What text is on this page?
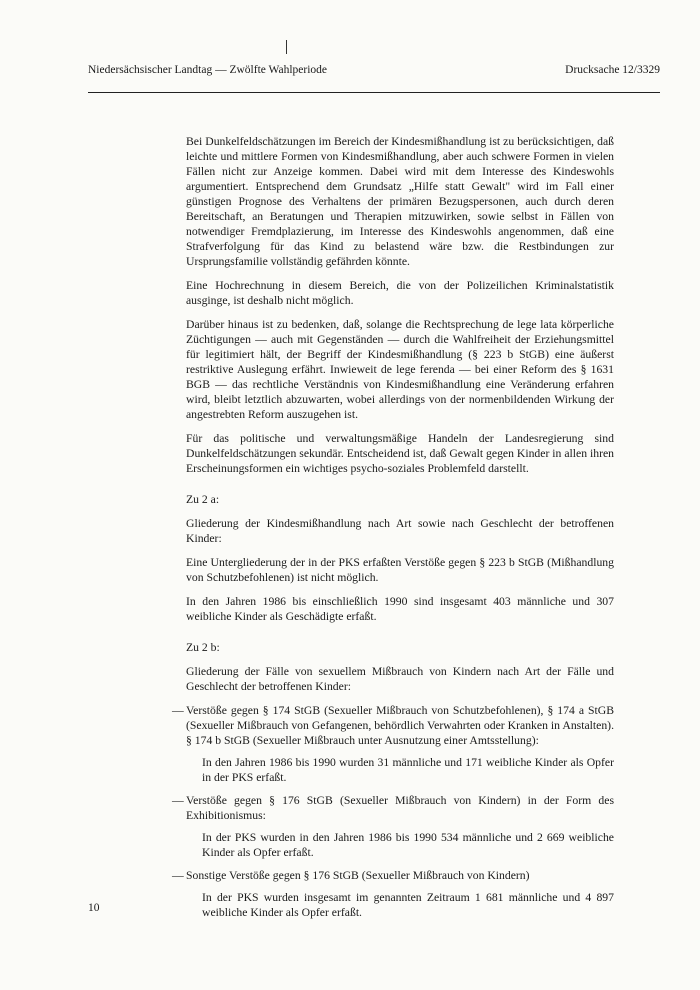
Niedersächsischer Landtag — Zwölfte Wahlperiode	Drucksache 12/3329

Bei Dunkelfeldschätzungen im Bereich der Kindesmißhandlung ist zu berücksichtigen, daß leichte und mittlere Formen von Kindesmißhandlung, aber auch schwere Formen in vielen Fällen nicht zur Anzeige kommen. Dabei wird mit dem Interesse des Kindeswohls argumentiert. Entsprechend dem Grundsatz „Hilfe statt Gewalt" wird im Fall einer günstigen Prognose des Verhaltens der primären Bezugspersonen, auch durch deren Bereitschaft, an Beratungen und Therapien mitzuwirken, sowie selbst in Fällen von notwendiger Fremdplazierung, im Interesse des Kindeswohls angenommen, daß eine Strafverfolgung für das Kind zu belastend wäre bzw. die Restbindungen zur Ursprungsfamilie vollständig gefährden könnte.

Eine Hochrechnung in diesem Bereich, die von der Polizeilichen Kriminalstatistik ausginge, ist deshalb nicht möglich.

Darüber hinaus ist zu bedenken, daß, solange die Rechtsprechung de lege lata körperliche Züchtigungen — auch mit Gegenständen — durch die Wahlfreiheit der Erziehungsmittel für legitimiert hält, der Begriff der Kindesmißhandlung (§ 223 b StGB) eine äußerst restriktive Auslegung erfährt. Inwieweit de lege ferenda — bei einer Reform des § 1631 BGB — das rechtliche Verständnis von Kindesmißhandlung eine Veränderung erfahren wird, bleibt letztlich abzuwarten, wobei allerdings von der normenbildenden Wirkung der angestrebten Reform auszugehen ist.

Für das politische und verwaltungsmäßige Handeln der Landesregierung sind Dunkelfeldschätzungen sekundär. Entscheidend ist, daß Gewalt gegen Kinder in allen ihren Erscheinungsformen ein wichtiges psycho-soziales Problemfeld darstellt.

Zu 2 a:

Gliederung der Kindesmißhandlung nach Art sowie nach Geschlecht der betroffenen Kinder:

Eine Untergliederung der in der PKS erfaßten Verstöße gegen § 223 b StGB (Mißhandlung von Schutzbefohlenen) ist nicht möglich.

In den Jahren 1986 bis einschließlich 1990 sind insgesamt 403 männliche und 307 weibliche Kinder als Geschädigte erfaßt.

Zu 2 b:

Gliederung der Fälle von sexuellem Mißbrauch von Kindern nach Art der Fälle und Geschlecht der betroffenen Kinder:

— Verstöße gegen § 174 StGB (Sexueller Mißbrauch von Schutzbefohlenen), § 174 a StGB (Sexueller Mißbrauch von Gefangenen, behördlich Verwahrten oder Kranken in Anstalten). § 174 b StGB (Sexueller Mißbrauch unter Ausnutzung einer Amtsstellung):

In den Jahren 1986 bis 1990 wurden 31 männliche und 171 weibliche Kinder als Opfer in der PKS erfaßt.

— Verstöße gegen § 176 StGB (Sexueller Mißbrauch von Kindern) in der Form des Exhibitionismus:

In der PKS wurden in den Jahren 1986 bis 1990 534 männliche und 2 669 weibliche Kinder als Opfer erfaßt.

— Sonstige Verstöße gegen § 176 StGB (Sexueller Mißbrauch von Kindern)

In der PKS wurden insgesamt im genannten Zeitraum 1 681 männliche und 4 897 weibliche Kinder als Opfer erfaßt.

10
